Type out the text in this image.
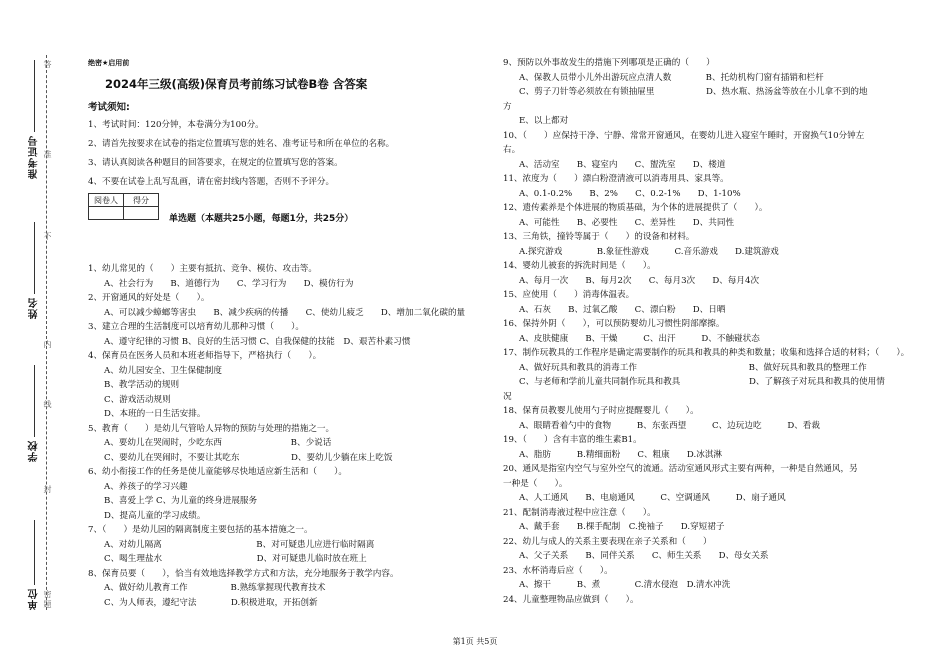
准考证号
姓名
学校
单位 密
封
线
内
不
准
答
题
绝密★启用前
2024年三级(高级)保育员考前练习试卷B卷 含答案
考试须知:
1、考试时间：120分钟，本卷满分为100分。
2、请首先按要求在试卷的指定位置填写您的姓名、准考证号和所在单位的名称。
3、请认真阅读各种题目的回答要求，在规定的位置填写您的答案。
4、不要在试卷上乱写乱画，请在密封线内答题，否则不予评分。
阅卷人	得分

单选题（本题共25小题，每题1分，共25分）
1、幼儿常见的（　　）主要有抵抗、竞争、模仿、攻击等。
A、社会行为　　B、道德行为　　C、学习行为　　D、模仿行为
2、开窗通风的好处是（　　）。
A、可以减少蟑螂等害虫　　B、减少疾病的传播　　C、使幼儿疲乏　　D、增加二氧化碳的量
3、建立合理的生活制度可以培育幼儿那种习惯（　　）。
A、遵守纪律的习惯 B、良好的生活习惯 C、自我保健的技能　D、艰苦朴素习惯
4、保育员在医务人员和本班老师指导下，严格执行（　　）。
A、幼儿园安全、卫生保健制度
B、教学活动的规则
C、游戏活动规则
D、本班的一日生活安排。
5、教育（　　）是幼儿气管哈人异物的预防与处理的措施之一。
A、要幼儿在哭闹时，少吃东西　　　　　　　　B、少说话
C、要幼儿在哭闹时，不要让其吃东　　　　　　D、要幼儿少躺在床上吃饭
6、幼小衔接工作的任务是使儿童能够尽快地适应新生活和（　　）。
A、养孩子的学习兴趣
B、喜爱上学 C、为儿童的终身进展服务
D、提高儿童的学习成绩。
7、（　　）是幼儿园的隔离制度主要包括的基本措施之一。
A、对幼儿隔离　　　　　　　　　　　B、对可疑患儿应进行临时隔离
C、喝生理盐水　　　　　　　　　　　D、对可疑患儿临时放在班上
8、保育员要（　　），恰当有效地选择教学方式和方法，充分地服务于教学内容。
A、做好幼儿教育工作　　　　　B.熟练掌握现代教育技术
C、为人师表，遵纪守法　　　　D.积极进取，开拓创新
9、预防以外事故发生的措施下列哪项是正确的（　　）
A、保教人员带小儿外出游玩应点清人数　　　　B、托幼机构门窗有插销和栏杆
C、剪子刀针等必须放在有锁抽屉里　　　　　　D、热水瓶、热汤盆等放在小儿拿不到的地
方
E、以上都对
10、（　　）应保持干净、宁静、常常开窗通风，在婴幼儿进入寝室午睡时，开窗换气10分钟左
右。
A、活动室　　B、寝室内　　C、盥洗室　　D、楼道
11、浓度为（　　）漂白粉澄清液可以消毒用具、家具等。
A、0.1-0.2%　　B、2%　　C、0.2-1%　　D、1-10%
12、遗传素养是个体进展的物质基础，为个体的进展提供了（　　）。
A、可能性　　B、必要性　　C、差异性　　D、共同性
13、三角铁，撞铃等属于（　　）的设备和材料。
A.探究游戏　　　　B.象征性游戏　　　C.音乐游戏　　D.建筑游戏
14、婴幼儿被套的拆洗时间是（　　）。
A、每月一次　　B、每月2次　　C、每月3次　　D、每月4次
15、应使用（　　）消毒体温表。
A、石灰　　B、过氧乙酸　　C、漂白粉　　D、日晒
16、保持外阴（　　），可以预防婴幼儿习惯性阴部摩擦。
A、皮肤健康　　B、干燥　　　C、出汗　　　D、不触碰状态
17、制作玩教具的工作程序是确定需要制作的玩具和教具的种类和数量；收集和选择合适的材料；（　　）。
A、做好玩具和教具的消毒工作　　　　　　　　　　　　　B、做好玩具和教具的整理工作
C、与老师和学前儿童共同制作玩具和教具　　　　　　　　D、了解孩子对玩具和教具的使用情
况
18、保育员教婴儿使用勺子时应提醒婴儿（　　）。
A、眼睛看着勺中的食物　　　B、东张西望　　　C、边玩边吃　　　D、看裁
19、（　　）含有丰富的维生素B1。
A、脂肪　　　B.精细面粉　　C、粗康　　D.冰淇淋
20、通风是指室内空气与室外空气的流通。活动室通风形式主要有两种，一种是自然通风，另
一种是（　　）。
A、人工通风　　B、电扇通风　　　C、空调通风　　　D、扇子通风
21、配制消毒液过程中应注意（　　）。
A、戴手套　　B.棵手配制　C.挽袖子　　D.穿短裙子
22、幼儿与成人的关系主要表现在亲子关系和（　　）
A、父子关系　　B、同伴关系　　C、师生关系　　D、母女关系
23、水杯消毒后应（　　）。
A、擦干　　　B、煮　　　　C.清水侵泡　D.清水冲洗
24、儿童整理物品应做到（　　）。
第1页 共5页
